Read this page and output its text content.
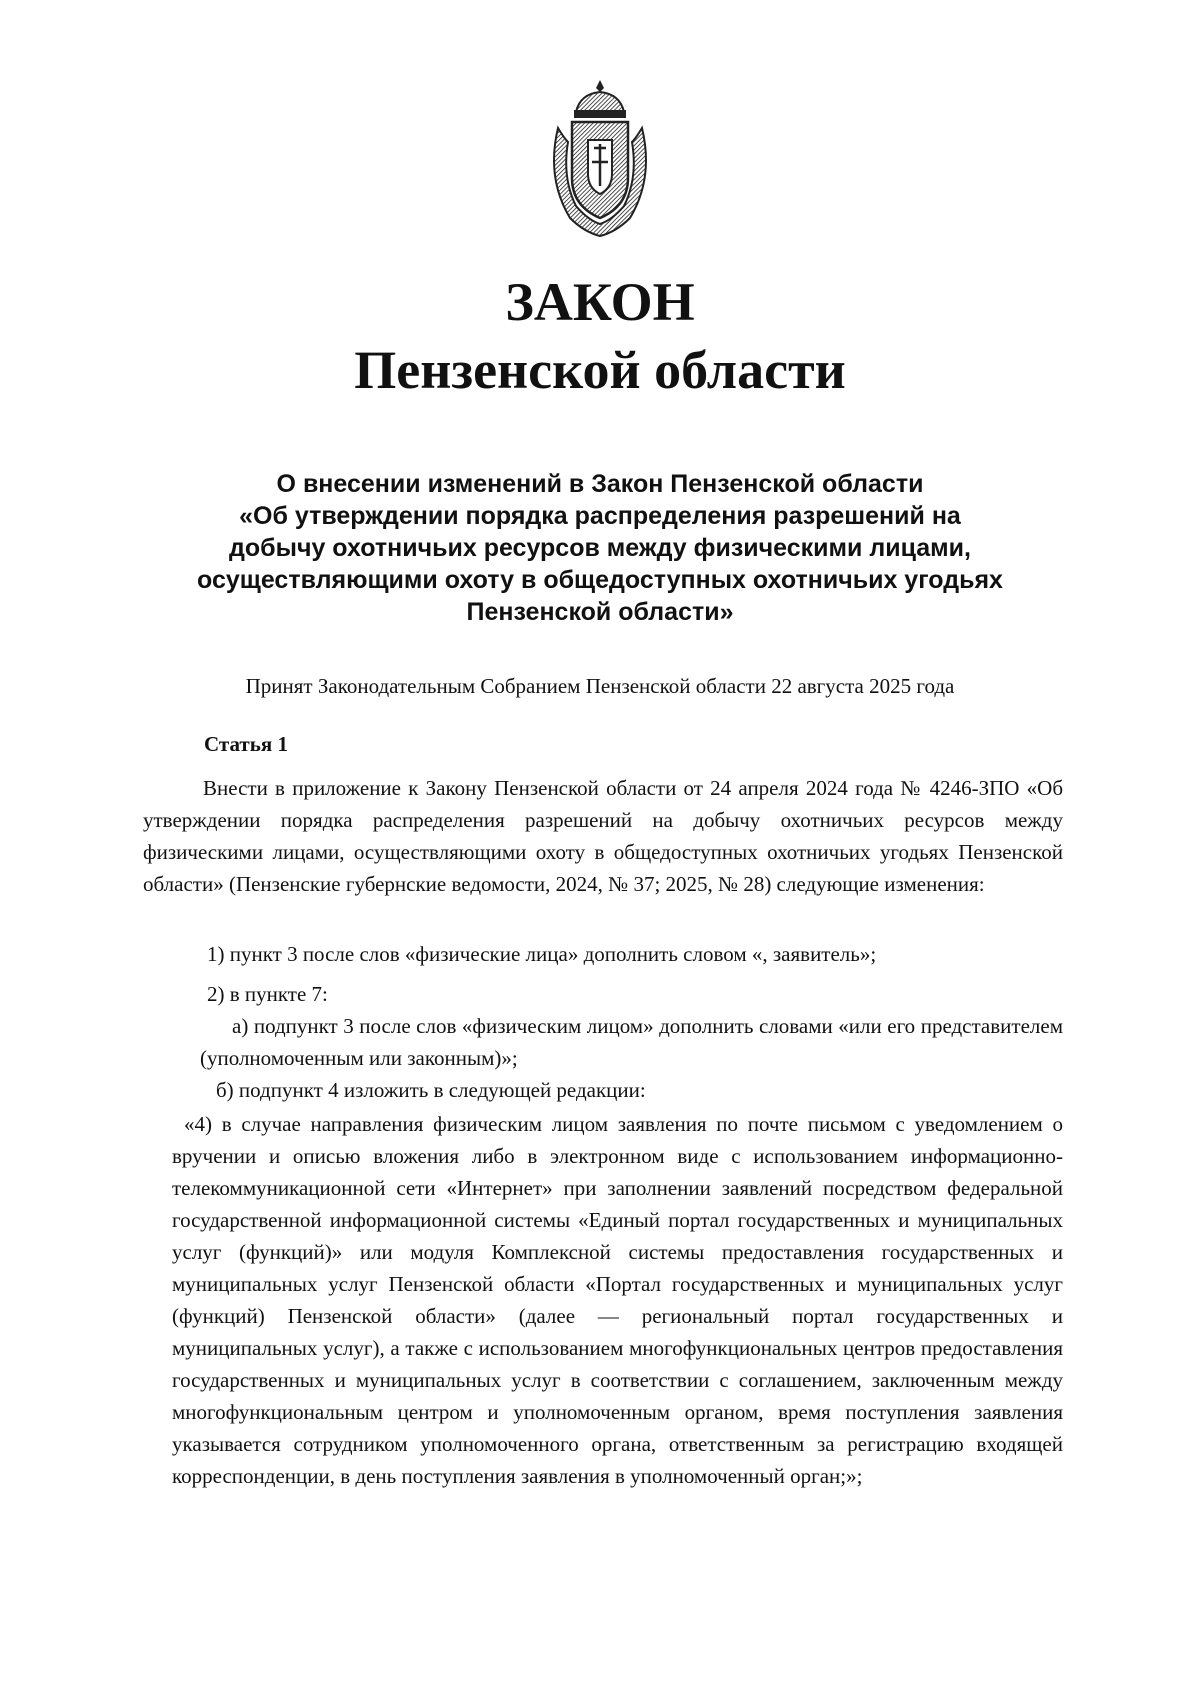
ЗАКОН
Пензенской области
О внесении изменений в Закон Пензенской области
«Об утверждении порядка распределения разрешений на
добычу охотничьих ресурсов между физическими лицами,
осуществляющими охоту в общедоступных охотничьих угодьях
Пензенской области»
Принят Законодательным Собранием Пензенской области 22 августа 2025 года
Статья 1
Внести в приложение к Закону Пензенской области от 24 апреля 2024 года № 4246-ЗПО «Об утверждении порядка распределения разрешений на добычу охотничьих ресурсов между физическими лицами, осуществляющими охоту в общедоступных охотничьих угодьях Пензенской области» (Пензенские губернские ведомости, 2024, № 37; 2025, № 28) следующие изменения:
1) пункт 3 после слов «физические лица» дополнить словом «, заявитель»;
2) в пункте 7:
а) подпункт 3 после слов «физическим лицом» дополнить словами «или его представителем (уполномоченным или законным)»;
б) подпункт 4 изложить в следующей редакции:
«4) в случае направления физическим лицом заявления по почте письмом с уведомлением о вручении и описью вложения либо в электронном виде с использованием информационно-телекоммуникационной сети «Интернет» при заполнении заявлений посредством федеральной государственной информационной системы «Единый портал государственных и муниципальных услуг (функций)» или модуля Комплексной системы предоставления государственных и муниципальных услуг Пензенской области «Портал государственных и муниципальных услуг (функций) Пензенской области» (далее — региональный портал государственных и муниципальных услуг), а также с использованием многофункциональных центров предоставления государственных и муниципальных услуг в соответствии с соглашением, заключенным между многофункциональным центром и уполномоченным органом, время поступления заявления указывается сотрудником уполномоченного органа, ответственным за регистрацию входящей корреспонденции, в день поступления заявления в уполномоченный орган;»;
